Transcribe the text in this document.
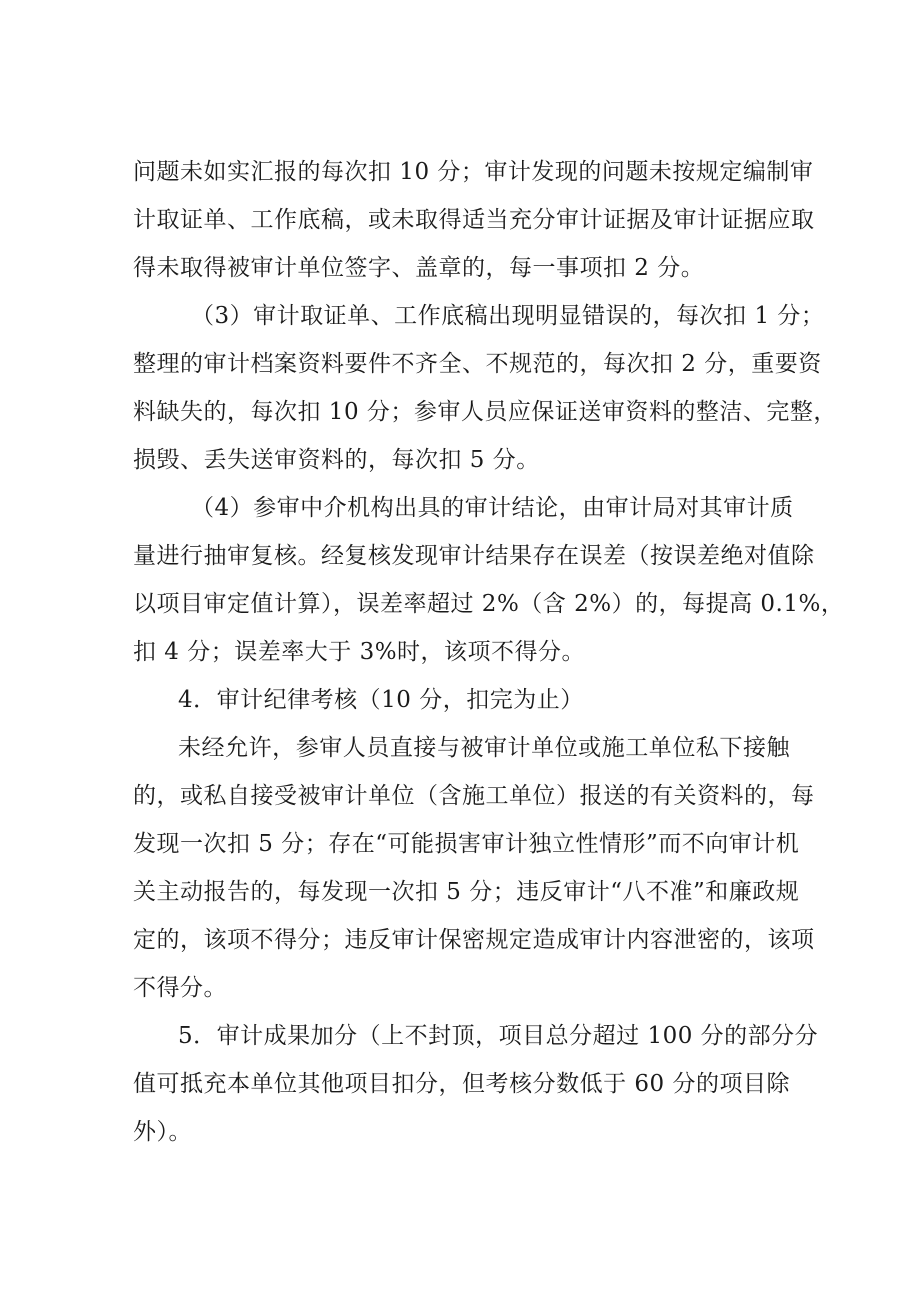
问题未如实汇报的每次扣 10 分；审计发现的问题未按规定编制审
计取证单、工作底稿，或未取得适当充分审计证据及审计证据应取
得未取得被审计单位签字、盖章的，每一事项扣 2 分。
（3）审计取证单、工作底稿出现明显错误的，每次扣 1 分；
整理的审计档案资料要件不齐全、不规范的，每次扣 2 分，重要资
料缺失的，每次扣 10 分；参审人员应保证送审资料的整洁、完整，
损毁、丢失送审资料的，每次扣 5 分。
（4）参审中介机构出具的审计结论，由审计局对其审计质
量进行抽审复核。经复核发现审计结果存在误差（按误差绝对值除
以项目审定值计算），误差率超过 2%（含 2%）的，每提高 0.1%，
扣 4 分；误差率大于 3%时，该项不得分。
4．审计纪律考核（10 分，扣完为止）
未经允许，参审人员直接与被审计单位或施工单位私下接触
的，或私自接受被审计单位（含施工单位）报送的有关资料的，每
发现一次扣 5 分；存在“可能损害审计独立性情形”而不向审计机
关主动报告的，每发现一次扣 5 分；违反审计“八不准”和廉政规
定的，该项不得分；违反审计保密规定造成审计内容泄密的，该项
不得分。
5．审计成果加分（上不封顶，项目总分超过 100 分的部分分
值可抵充本单位其他项目扣分，但考核分数低于 60 分的项目除
外）。
